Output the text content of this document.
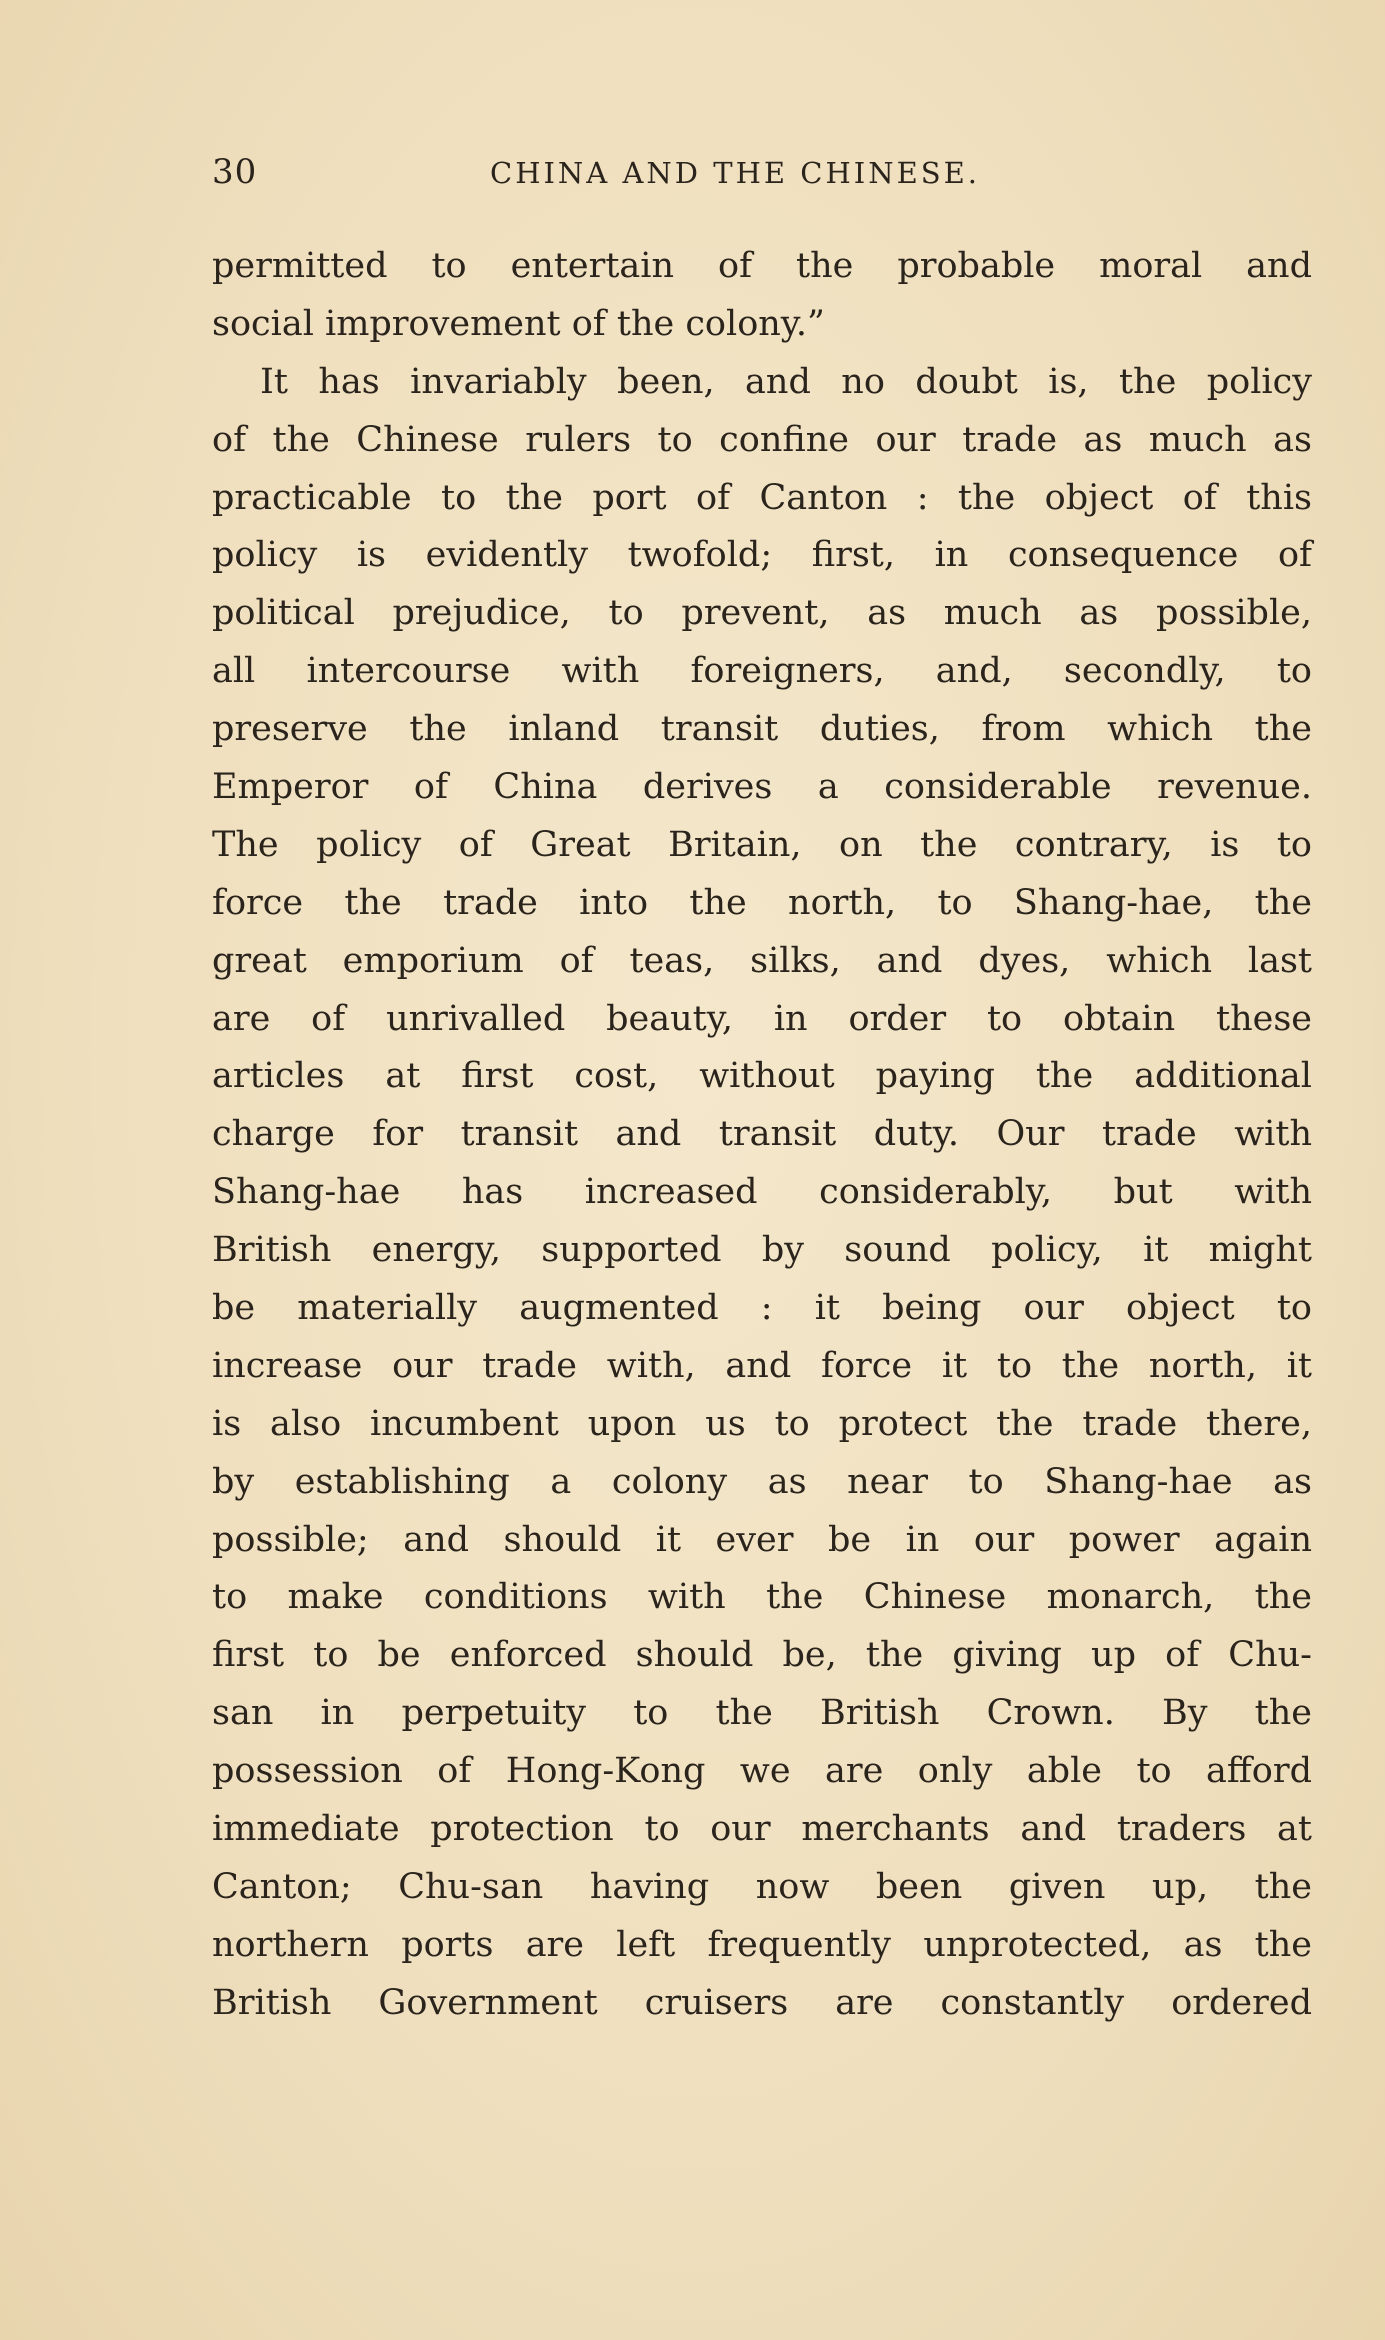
30	CHINA AND THE CHINESE.
permitted to entertain of the probable moral and
social improvement of the colony.”
It has invariably been, and no doubt is, the policy
of the Chinese rulers to confine our trade as much as
practicable to the port of Canton : the object of this
policy is evidently twofold; first, in consequence of
political prejudice, to prevent, as much as possible,
all intercourse with foreigners, and, secondly, to
preserve the inland transit duties, from which the
Emperor of China derives a considerable revenue.
The policy of Great Britain, on the contrary, is to
force the trade into the north, to Shang-hae, the
great emporium of teas, silks, and dyes, which last
are of unrivalled beauty, in order to obtain these
articles at first cost, without paying the additional
charge for transit and transit duty. Our trade with
Shang-hae has increased considerably, but with
British energy, supported by sound policy, it might
be materially augmented : it being our object to
increase our trade with, and force it to the north, it
is also incumbent upon us to protect the trade there,
by establishing a colony as near to Shang-hae as
possible; and should it ever be in our power again
to make conditions with the Chinese monarch, the
first to be enforced should be, the giving up of Chu-
san in perpetuity to the British Crown. By the
possession of Hong-Kong we are only able to afford
immediate protection to our merchants and traders at
Canton; Chu-san having now been given up, the
northern ports are left frequently unprotected, as the
British Government cruisers are constantly ordered
